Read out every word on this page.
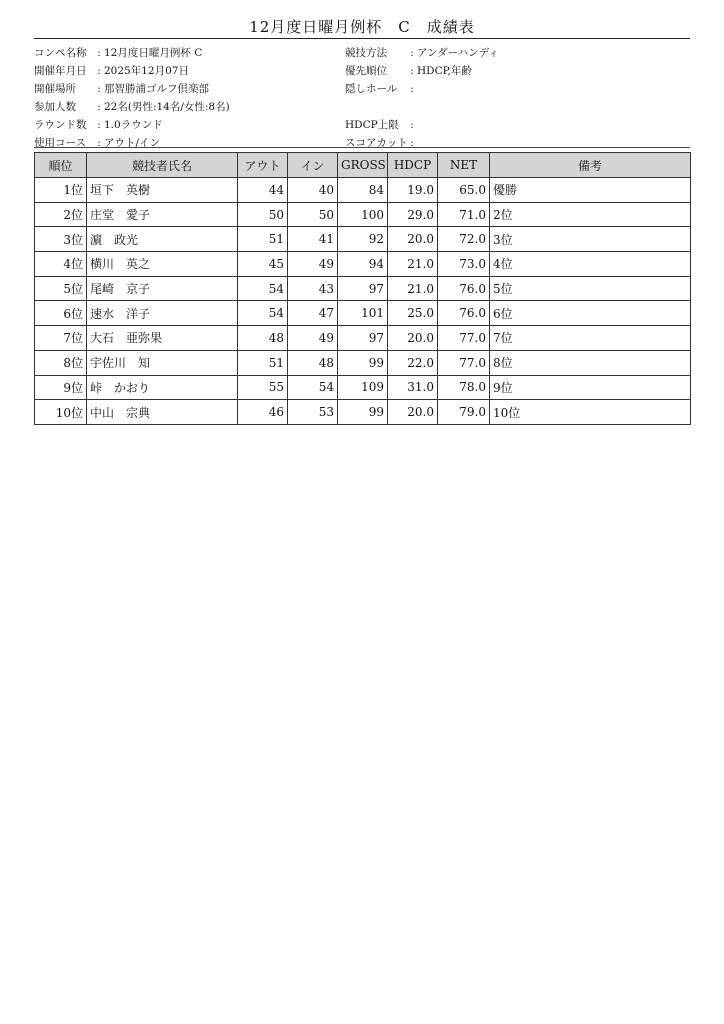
12月度日曜月例杯　C　成績表
コンペ名称	: 12月度日曜月例杯 C
開催年月日	: 2025年12月07日
開催場所	: 那智勝浦ゴルフ倶楽部
参加人数	: 22名(男性:14名/女性:8名)
ラウンド数	: 1.0ラウンド
使用コース	: アウト/イン
競技方法	: アンダーハンディ
優先順位	: HDCP,年齢
隠しホール	:
HDCP上限	:
スコアカット :
順位	競技者氏名	アウト	イン	GROSS	HDCP	NET	備考
1位	垣下　英樹	44	40	84	19.0	65.0	優勝
2位	庄堂　愛子	50	50	100	29.0	71.0	2位
3位	濵　政光	51	41	92	20.0	72.0	3位
4位	横川　英之	45	49	94	21.0	73.0	4位
5位	尾崎　京子	54	43	97	21.0	76.0	5位
6位	速水　洋子	54	47	101	25.0	76.0	6位
7位	大石　亜弥果	48	49	97	20.0	77.0	7位
8位	宇佐川　知	51	48	99	22.0	77.0	8位
9位	峠　かおり	55	54	109	31.0	78.0	9位
10位	中山　宗典	46	53	99	20.0	79.0	10位
